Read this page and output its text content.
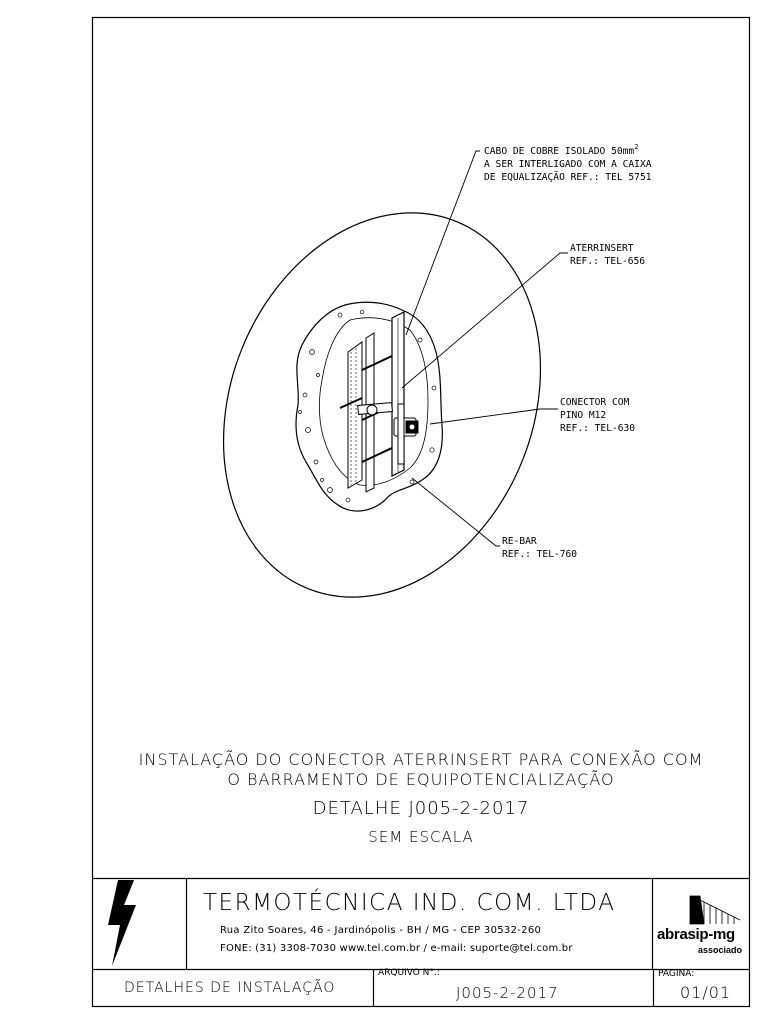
CABO DE COBRE ISOLADO $50mm^2$
A SER INTERLIGADO COM A CAIXA
DE EQUALIZAÇÃO REF.: TEL 5751
ATERRINSERT
REF.: TEL-656
CONECTOR COM
PINO M12
REF.: TEL-630
RE-BAR
REF.: TEL-760
INSTALAÇÃO DO CONECTOR ATERRINSERT PARA CONEXÃO COM
O BARRAMENTO DE EQUIPOTENCIALIZAÇÃO
DETALHE J005-2-2017
SEM ESCALA
TERMOTÉCNICA IND. COM. LTDA
Rua Zito Soares, 46 - Jardinópolis - BH / MG - CEP 30532-260
FONE: (31) 3308-7030 www.tel.com.br / e-mail: suporte@tel.com.br
abrasip-mg
associado
DETALHES DE INSTALAÇÃO
ARQUIVO N°.:
J005-2-2017
PAGINA:
01/01
